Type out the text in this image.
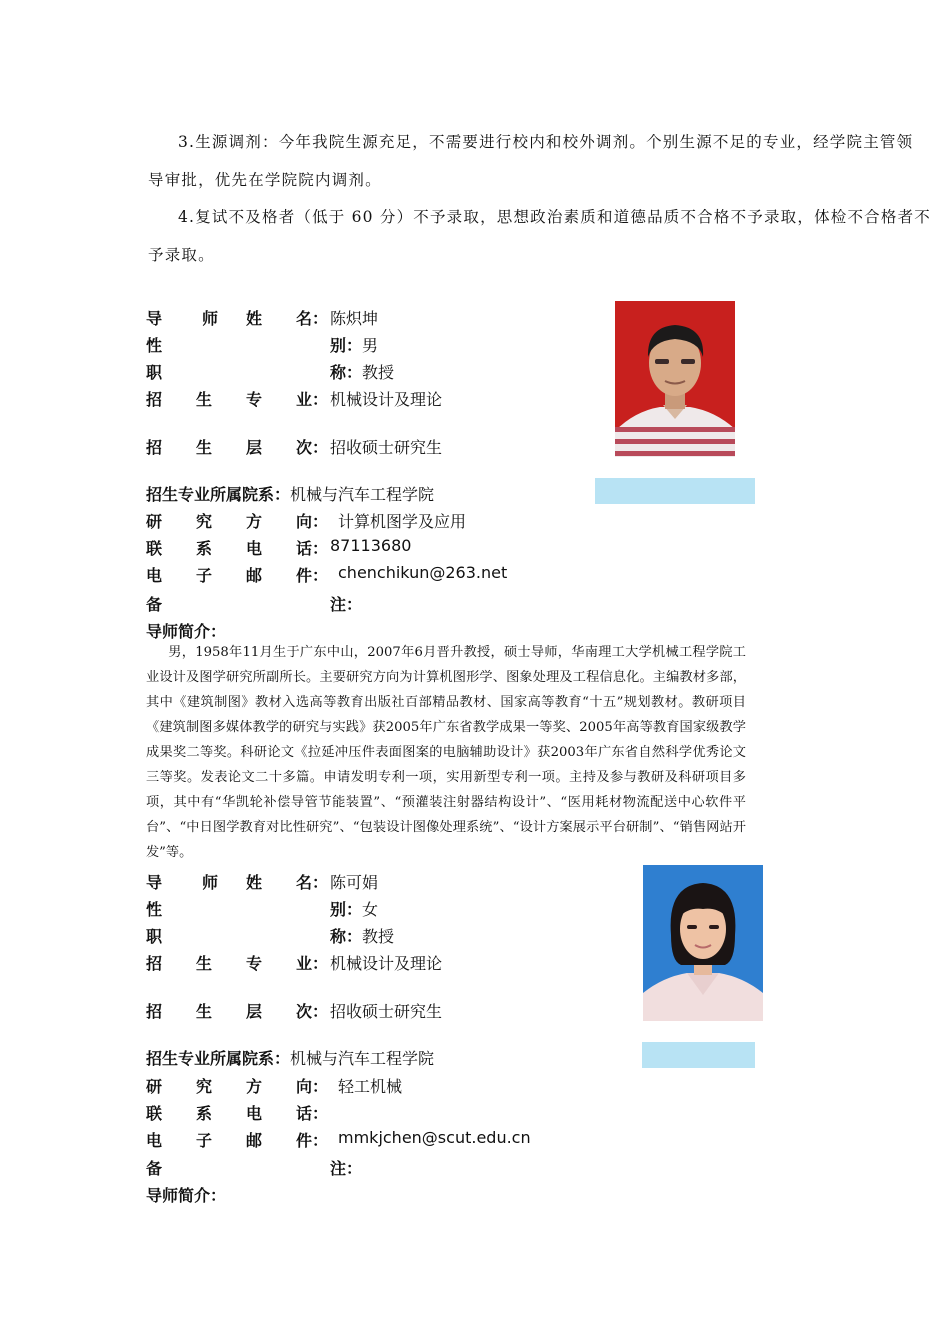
3.生源调剂：今年我院生源充足，不需要进行校内和校外调剂。个别生源不足的专业，经学院主管领
导审批，优先在学院院内调剂。
4.复试不及格者（低于 60 分）不予录取，思想政治素质和道德品质不合格不予录取，体检不合格者不
予录取。
导 师 姓 名： 陈炽坤
性	别： 男
职	称： 教授
招 生 专 业： 机械设计及理论
招 生 层 次： 招收硕士研究生
招生专业所属院系：机械与汽车工程学院
研 究 方 向： 计算机图学及应用
联 系 电 话： 87113680
电 子 邮 件： chenchikun@263.net
备	注：
导师简介：
男，1958年11月生于广东中山，2007年6月晋升教授，硕士导师，华南理工大学机械工程学院工业设计及图学研究所副所长。主要研究方向为计算机图形学、图象处理及工程信息化。主编教材多部，其中《建筑制图》教材入选高等教育出版社百部精品教材、国家高等教育“十五”规划教材。教研项目《建筑制图多媒体教学的研究与实践》获2005年广东省教学成果一等奖、2005年高等教育国家级教学成果奖二等奖。科研论文《拉延冲压件表面图案的电脑辅助设计》获2003年广东省自然科学优秀论文三等奖。发表论文二十多篇。申请发明专利一项，实用新型专利一项。主持及参与教研及科研项目多项，其中有“华凯轮补偿导管节能装置”、“预灌装注射器结构设计”、“医用耗材物流配送中心软件平台”、“中日图学教育对比性研究”、“包装设计图像处理系统”、“设计方案展示平台研制”、“销售网站开发”等。
导 师 姓 名： 陈可娟
性	别： 女
职	称： 教授
招 生 专 业： 机械设计及理论
招 生 层 次： 招收硕士研究生
招生专业所属院系：机械与汽车工程学院
研 究 方 向： 轻工机械
联 系 电 话：
电 子 邮 件： mmkjchen@scut.edu.cn
备	注：
导师简介：
